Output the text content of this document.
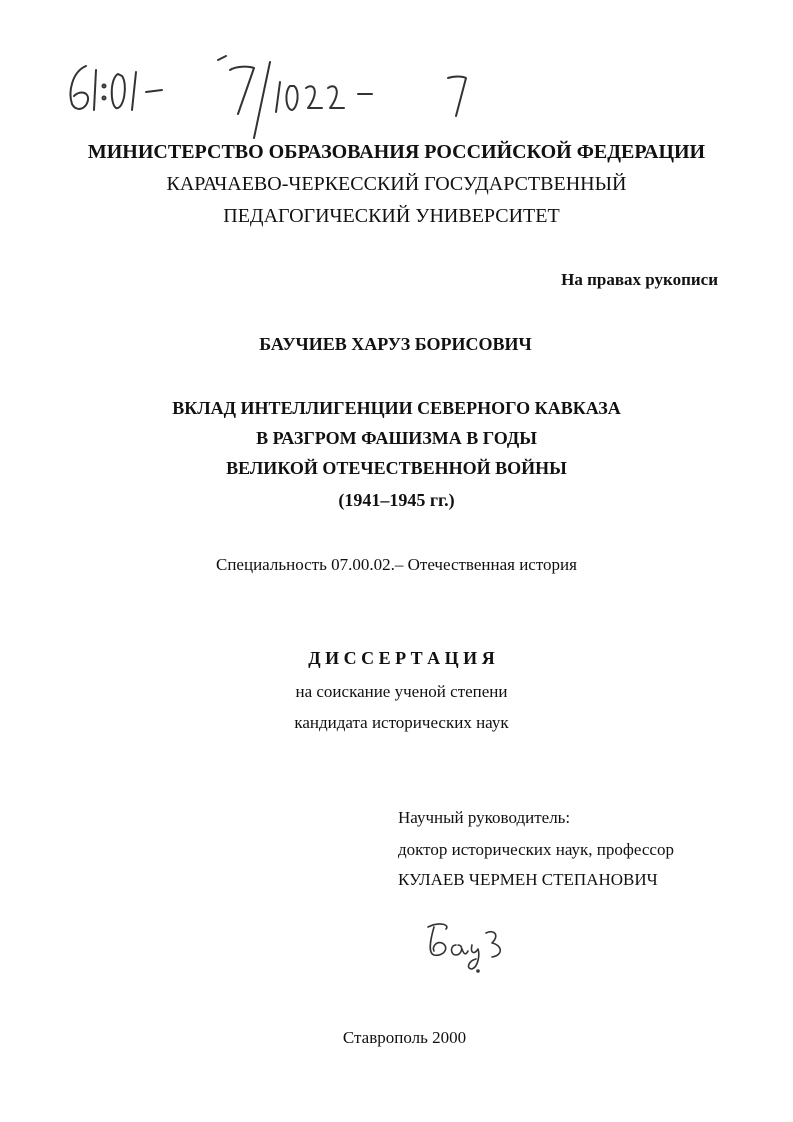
МИНИСТЕРСТВО ОБРАЗОВАНИЯ РОССИЙСКОЙ ФЕДЕРАЦИИ
КАРАЧАЕВО-ЧЕРКЕССКИЙ ГОСУДАРСТВЕННЫЙ
ПЕДАГОГИЧЕСКИЙ УНИВЕРСИТЕТ
На правах рукописи
БАУЧИЕВ ХАРУЗ БОРИСОВИЧ
ВКЛАД ИНТЕЛЛИГЕНЦИИ СЕВЕРНОГО КАВКАЗА
В РАЗГРОМ ФАШИЗМА В ГОДЫ
ВЕЛИКОЙ ОТЕЧЕСТВЕННОЙ ВОЙНЫ
(1941–1945 гг.)
Специальность 07.00.02.– Отечественная история
Д И С С Е Р Т А Ц И Я
на соискание ученой степени
кандидата исторических наук
Научный руководитель:
доктор исторических наук, профессор
КУЛАЕВ ЧЕРМЕН СТЕПАНОВИЧ
Ставрополь 2000
